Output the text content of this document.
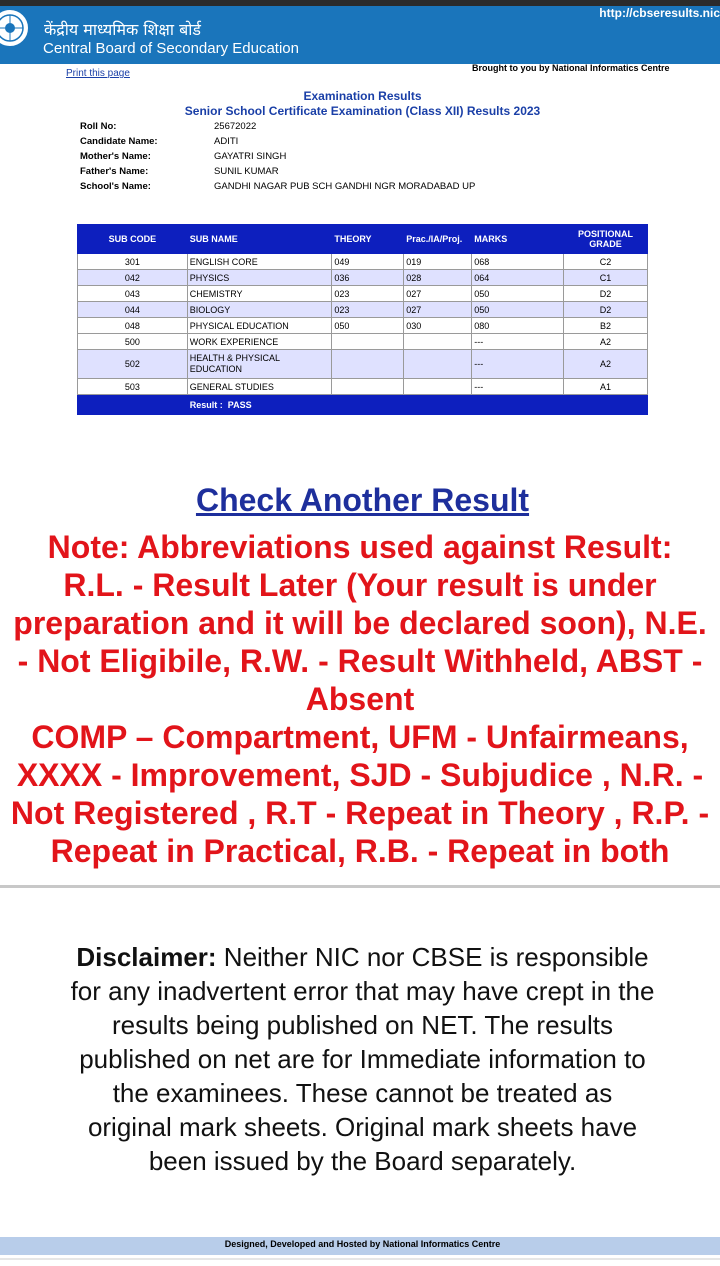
केंद्रीय माध्यमिक शिक्षा बोर्ड
Central Board of Secondary Education
http://cbseresults.nic
Print this page	Brought to you by National Informatics Centre
Examination Results
Senior School Certificate Examination (Class XII) Results 2023
Roll No:	25672022
Candidate Name:	ADITI
Mother's Name:	GAYATRI SINGH
Father's Name:	SUNIL KUMAR
School's Name:	GANDHI NAGAR PUB SCH GANDHI NGR MORADABAD UP
SUB CODE	SUB NAME	THEORY	Prac./IA/Proj.	MARKS	POSITIONAL GRADE
301	ENGLISH CORE	049	019	068	C2
042	PHYSICS	036	028	064	C1
043	CHEMISTRY	023	027	050	D2
044	BIOLOGY	023	027	050	D2
048	PHYSICAL EDUCATION	050	030	080	B2
500	WORK EXPERIENCE			---	A2
502	HEALTH & PHYSICAL EDUCATION			---	A2
503	GENERAL STUDIES			---	A1
	Result : PASS				
Check Another Result
Note: Abbreviations used against Result:
R.L. - Result Later (Your result is under
preparation and it will be declared soon), N.E.
- Not Eligibile, R.W. - Result Withheld, ABST -
Absent
COMP – Compartment, UFM - Unfairmeans,
XXXX - Improvement, SJD - Subjudice , N.R. -
Not Registered , R.T - Repeat in Theory , R.P. -
Repeat in Practical, R.B. - Repeat in both
Disclaimer: Neither NIC nor CBSE is responsible for any inadvertent error that may have crept in the results being published on NET. The results published on net are for Immediate information to the examinees. These cannot be treated as original mark sheets. Original mark sheets have been issued by the Board separately.
Designed, Developed and Hosted by National Informatics Centre
